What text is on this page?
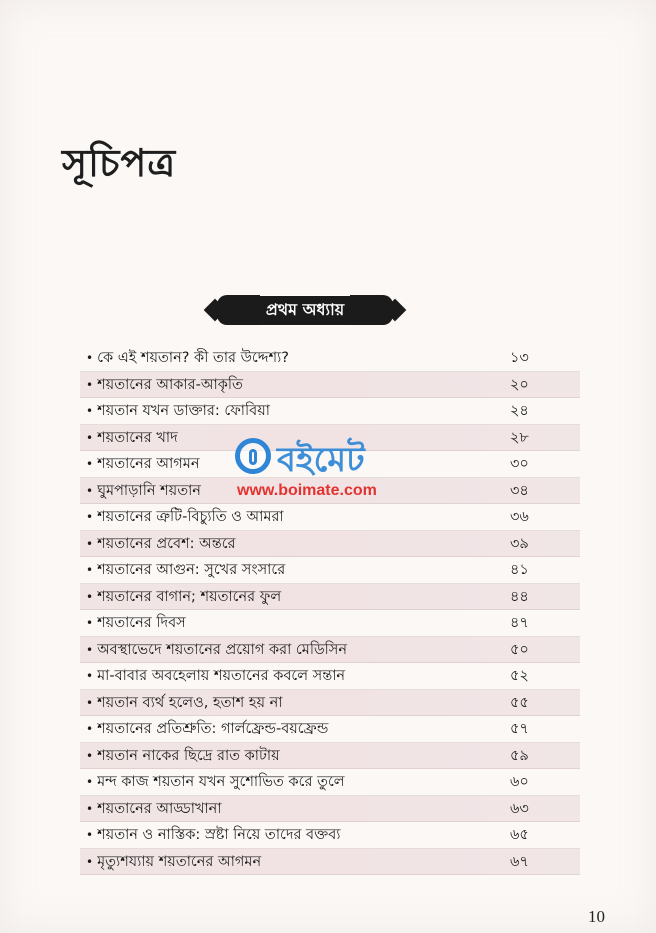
সূচিপত্র
প্রথম অধ্যায়
• কে এই শয়তান? কী তার উদ্দেশ্য?	১৩
• শয়তানের আকার-আকৃতি	২০
• শয়তান যখন ডাক্তার: ফোবিয়া	২৪
• শয়তানের খাদ	২৮
• শয়তানের আগমন	৩০
• ঘুমপাড়ানি শয়তান	৩৪
• শয়তানের ত্রুটি-বিচ্যুতি ও আমরা	৩৬
• শয়তানের প্রবেশ: অন্তরে	৩৯
• শয়তানের আগুন: সুখের সংসারে	৪১
• শয়তানের বাগান; শয়তানের ফুল	৪৪
• শয়তানের দিবস	৪৭
• অবস্থাভেদে শয়তানের প্রয়োগ করা মেডিসিন	৫০
• মা-বাবার অবহেলায় শয়তানের কবলে সন্তান	৫২
• শয়তান ব্যর্থ হলেও, হতাশ হয় না	৫৫
• শয়তানের প্রতিশ্রুতি: গার্লফ্রেন্ড-বয়ফ্রেন্ড	৫৭
• শয়তান নাকের ছিদ্রে রাত কাটায়	৫৯
• মন্দ কাজ শয়তান যখন সুশোভিত করে তুলে	৬০
• শয়তানের আড্ডাখানা	৬৩
• শয়তান ও নাস্তিক: স্রষ্টা নিয়ে তাদের বক্তব্য	৬৫
• মৃত্যুশয্যায় শয়তানের আগমন	৬৭
বইমেট
www.boimate.com
10
